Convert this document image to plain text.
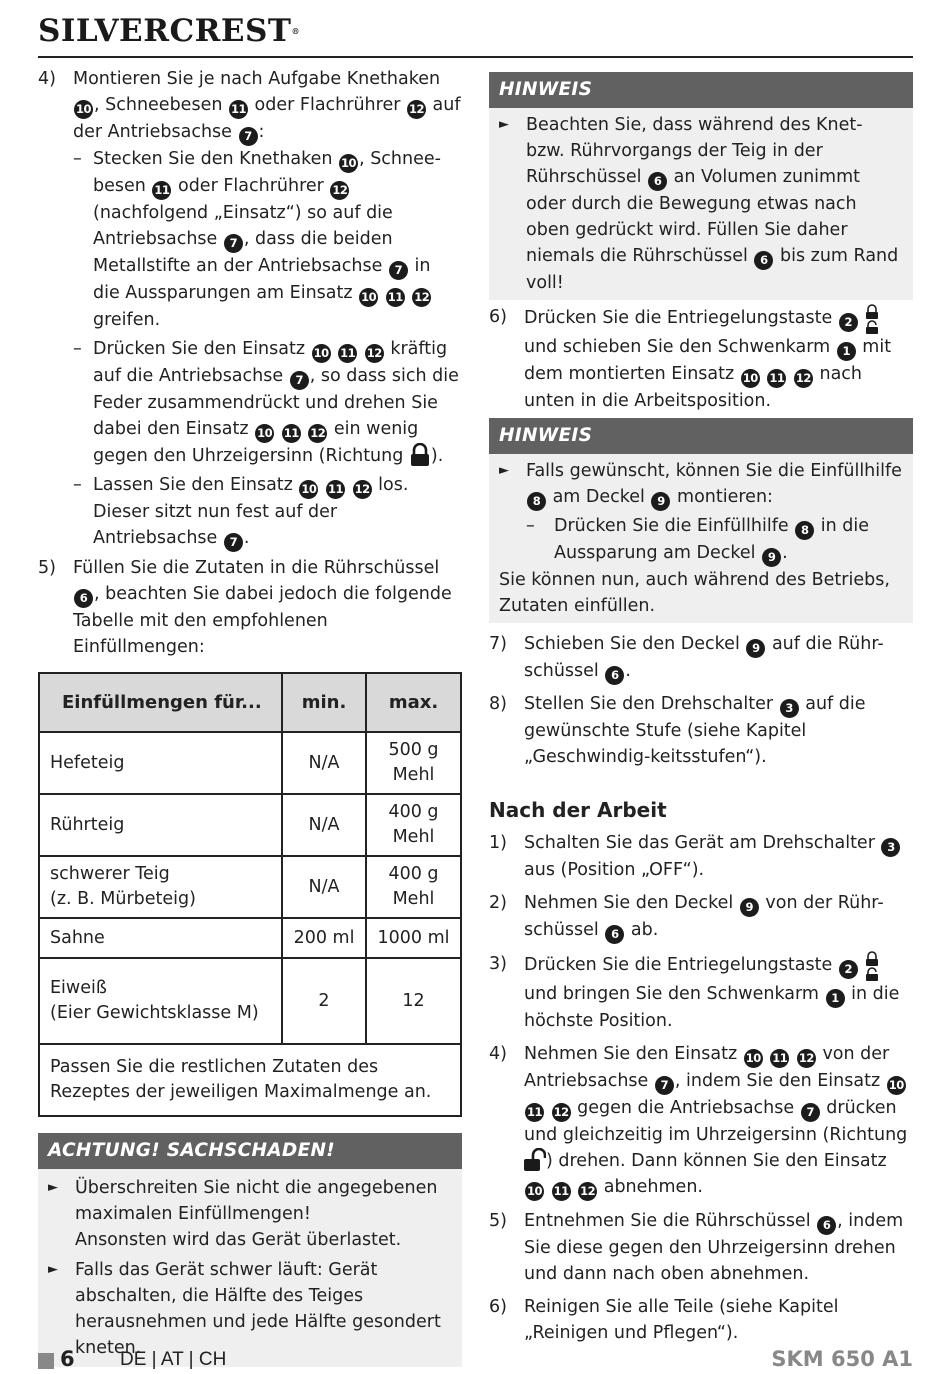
SILVERCREST®
4) Montieren Sie je nach Aufgabe Knethaken 10 , Schneebesen 11 oder Flachrührer 12 auf der Antriebsachse 7 :
– Stecken Sie den Knethaken 10 , Schnee-besen 11 oder Flachrührer 12 (nachfolgend „Einsatz“) so auf die Antriebsachse 7 , dass die beiden Metallstifte an der Antriebsachse 7 in die Aussparungen am Einsatz 10 11 12 greifen.
– Drücken Sie den Einsatz 10 11 12 kräftig auf die Antriebsachse 7 , so dass sich die Feder zusammendrückt und drehen Sie dabei den Einsatz 10 11 12 ein wenig gegen den Uhrzeigersinn (Richtung ).
– Lassen Sie den Einsatz 10 11 12 los. Dieser sitzt nun fest auf der Antriebsachse 7 .
5) Füllen Sie die Zutaten in die Rührschüssel 6 , beachten Sie dabei jedoch die folgende Tabelle mit den empfohlenen Einfüllmengen:
Einfüllmengen für...	min.	max.
Hefeteig	N/A	500 g
Mehl
Rührteig	N/A	400 g
Mehl
schwerer Teig
(z. B. Mürbeteig)	N/A	400 g
Mehl
Sahne	200 ml	1000 ml
Eiweiß
(Eier Gewichtsklasse M)	2	12
Passen Sie die restlichen Zutaten des Rezeptes der jeweiligen Maximalmenge an.		
ACHTUNG! SACHSCHADEN!
► Überschreiten Sie nicht die angegebenen maximalen Einfüllmengen!
Ansonsten wird das Gerät überlastet.
► Falls das Gerät schwer läuft: Gerät abschalten, die Hälfte des Teiges herausnehmen und jede Hälfte gesondert kneten.
HINWEIS
► Beachten Sie, dass während des Knet- bzw. Rührvorgangs der Teig in der Rührschüssel 6 an Volumen zunimmt oder durch die Bewegung etwas nach oben gedrückt wird. Füllen Sie daher niemals die Rührschüssel 6 bis zum Rand voll!
6) Drücken Sie die Entriegelungstaste 2  und schieben Sie den Schwenkarm 1 mit dem montierten Einsatz 10 11 12 nach unten in die Arbeitsposition.
HINWEIS
► Falls gewünscht, können Sie die Einfüllhilfe 8 am Deckel 9 montieren:
–	Drücken Sie die Einfüllhilfe 8 in die Aussparung am Deckel 9 .
Sie können nun, auch während des Betriebs, Zutaten einfüllen.
7) Schieben Sie den Deckel 9 auf die Rühr-schüssel 6 .
8) Stellen Sie den Drehschalter 3 auf die gewünschte Stufe (siehe Kapitel „Geschwindig-keitsstufen“).
Nach der Arbeit
1) Schalten Sie das Gerät am Drehschalter 3 aus (Position „OFF“).
2) Nehmen Sie den Deckel 9 von der Rühr-schüssel 6 ab.
3) Drücken Sie die Entriegelungstaste 2  und bringen Sie den Schwenkarm 1 in die höchste Position.
4) Nehmen Sie den Einsatz 10 11 12 von der Antriebsachse 7 , indem Sie den Einsatz 10 11 12 gegen die Antriebsachse 7 drücken und gleichzeitig im Uhrzeigersinn (Richtung ) drehen. Dann können Sie den Einsatz 10 11 12 abnehmen.
5) Entnehmen Sie die Rührschüssel 6 , indem Sie diese gegen den Uhrzeigersinn drehen und dann nach oben abnehmen.
6) Reinigen Sie alle Teile (siehe Kapitel „Reinigen und Pflegen“).
6 DE | AT | CH	SKM 650 A1
